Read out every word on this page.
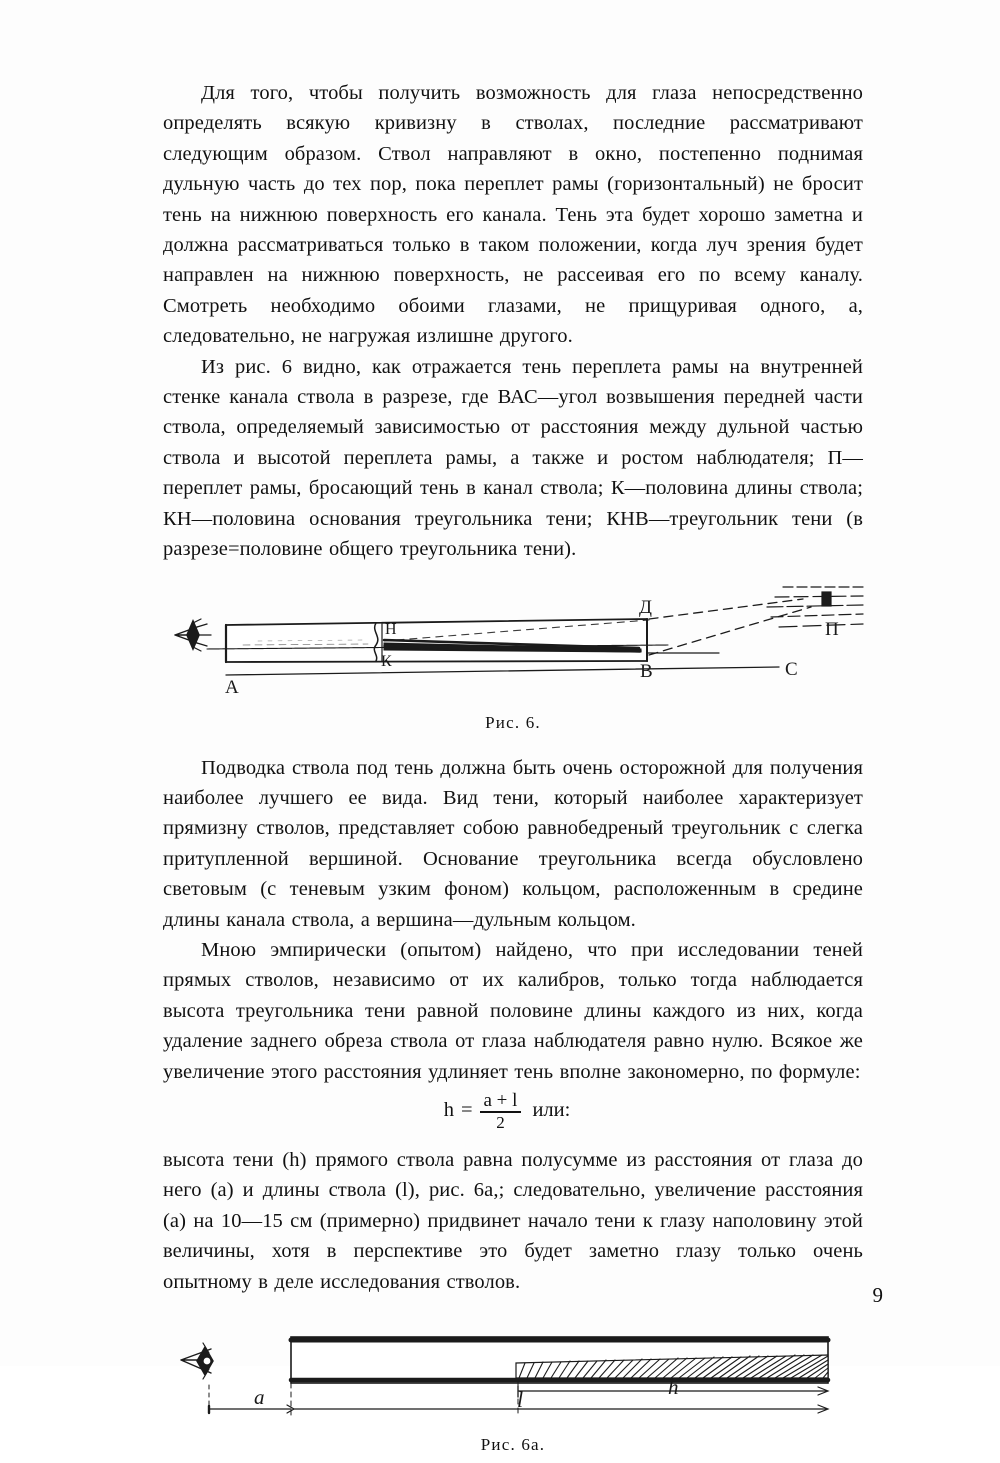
Для того, чтобы получить возможность для глаза непосредственно определять всякую кривизну в стволах, последние рассматривают следующим образом. Ствол направляют в окно, постепенно поднимая дульную часть до тех пор, пока переплет рамы (горизонтальный) не бросит тень на нижнюю поверхность его канала. Тень эта будет хорошо заметна и должна рассматриваться только в таком положении, когда луч зрения будет направлен на нижнюю поверхность, не рассеивая его по всему каналу. Смотреть необходимо обоими глазами, не прищуривая одного, а, следовательно, не нагружая излишне другого.

Из рис. 6 видно, как отражается тень переплета рамы на внутренней стенке канала ствола в разрезе, где ВАС—угол возвышения передней части ствола, определяемый зависимостью от расстояния между дульной частью ствола и высотой переплета рамы, а также и ростом наблюдателя; П—переплет рамы, бросающий тень в канал ствола; К—половина длины ствола; КН—половина основания треугольника тени; КНВ—треугольник тени (в разрезе=половине общего треугольника тени).

A
Д
B	C
П
Н
К
Рис. 6.

Подводка ствола под тень должна быть очень осторожной для получения наиболее лучшего ее вида. Вид тени, который наиболее характеризует прямизну стволов, представляет собою равнобедреный треугольник с слегка притупленной вершиной. Основание треугольника всегда обусловлено световым (с теневым узким фоном) кольцом, расположенным в средине длины канала ствола, а вершина—дульным кольцом.

Мною эмпирически (опытом) найдено, что при исследовании теней прямых стволов, независимо от их калибров, только тогда наблюдается высота треугольника тени равной половине длины каждого из них, когда удаление заднего обреза ствола от глаза наблюдателя равно нулю. Всякое же увеличение этого расстояния удлиняет тень вполне закономерно, по формуле:

$h = \frac{a + l}{2}$ или:

высота тени (h) прямого ствола равна полусумме из расстояния от глаза до него (a) и длины ствола (l), рис. 6а,; следовательно, увеличение расстояния (a) на 10—15 см (примерно) придвинет начало тени к глазу наполовину этой величины, хотя в перспективе это будет заметно глазу только очень опытному в деле исследования стволов.

a	l	h
Рис. 6а.
9
